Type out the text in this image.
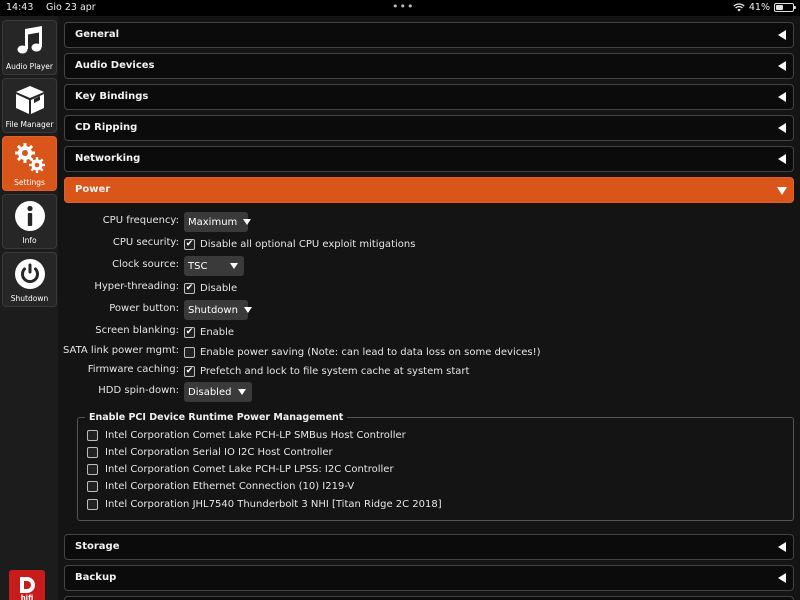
14:43 Gio 23 apr	•••	41%
Audio Player
File Manager
Settings
Info
Shutdown
hifi
General
Audio Devices
Key Bindings
CD Ripping
Networking
Power
CPU frequency: Maximum
CPU security: ✔ Disable all optional CPU exploit mitigations
Clock source: TSC
Hyper-threading: ✔ Disable
Power button: Shutdown
Screen blanking: ✔ Enable
SATA link power mgmt: Enable power saving (Note: can lead to data loss on some devices!)
Firmware caching: ✔ Prefetch and lock to file system cache at system start
HDD spin-down: Disabled
Enable PCI Device Runtime Power Management
Intel Corporation Comet Lake PCH-LP SMBus Host Controller
Intel Corporation Serial IO I2C Host Controller
Intel Corporation Comet Lake PCH-LP LPSS: I2C Controller
Intel Corporation Ethernet Connection (10) I219-V
Intel Corporation JHL7540 Thunderbolt 3 NHI [Titan Ridge 2C 2018]
Storage
Backup
